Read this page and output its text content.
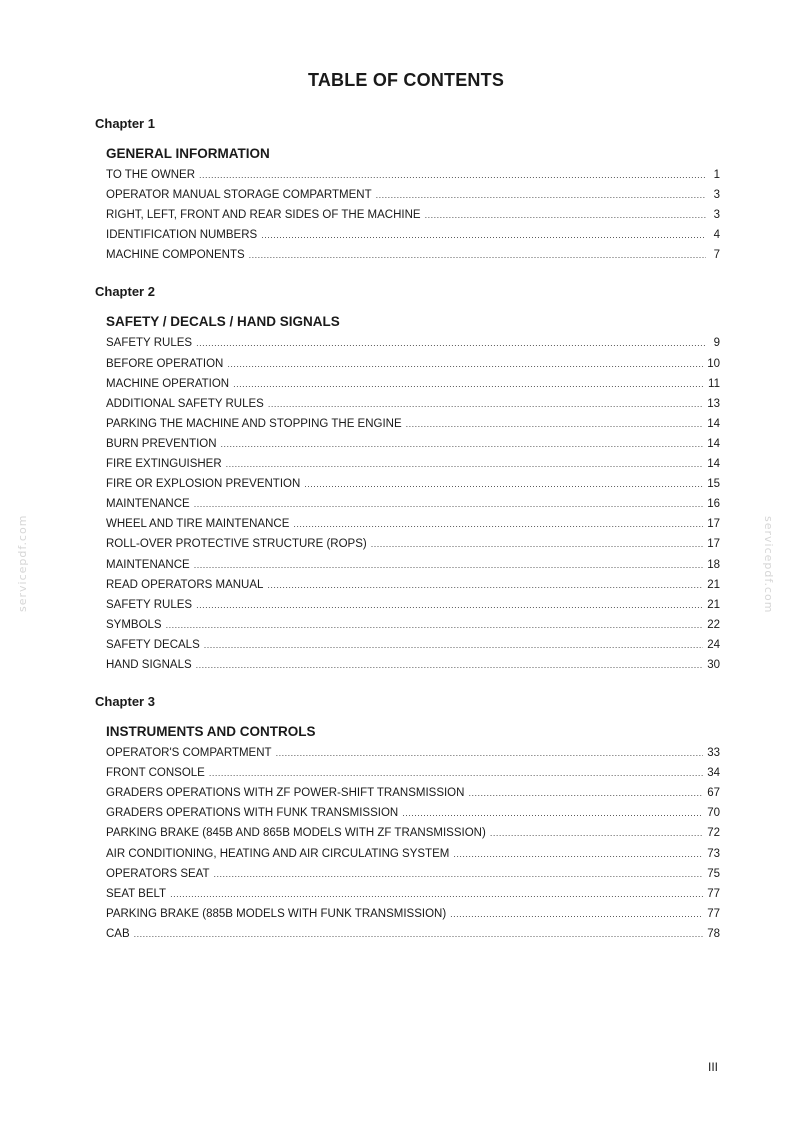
TABLE OF CONTENTS
Chapter 1
GENERAL INFORMATION
TO THE OWNER .....	1
OPERATOR MANUAL STORAGE COMPARTMENT .....	3
RIGHT, LEFT, FRONT AND REAR SIDES OF THE MACHINE .....	3
IDENTIFICATION NUMBERS .....	4
MACHINE COMPONENTS .....	7
Chapter 2
SAFETY / DECALS / HAND SIGNALS
SAFETY RULES .....	9
BEFORE OPERATION .....	10
MACHINE OPERATION .....	11
ADDITIONAL SAFETY RULES .....	13
PARKING THE MACHINE AND STOPPING THE ENGINE .....	14
BURN PREVENTION .....	14
FIRE EXTINGUISHER .....	14
FIRE OR EXPLOSION PREVENTION .....	15
MAINTENANCE .....	16
WHEEL AND TIRE MAINTENANCE .....	17
ROLL-OVER PROTECTIVE STRUCTURE (ROPS) .....	17
MAINTENANCE .....	18
READ OPERATORS MANUAL .....	21
SAFETY RULES .....	21
SYMBOLS .....	22
SAFETY DECALS .....	24
HAND SIGNALS .....	30
Chapter 3
INSTRUMENTS AND CONTROLS
OPERATOR'S COMPARTMENT .....	33
FRONT CONSOLE .....	34
GRADERS OPERATIONS WITH ZF POWER-SHIFT TRANSMISSION .....	67
GRADERS OPERATIONS WITH FUNK TRANSMISSION .....	70
PARKING BRAKE (845B AND 865B MODELS WITH ZF TRANSMISSION) .....	72
AIR CONDITIONING, HEATING AND AIR CIRCULATING SYSTEM .....	73
OPERATORS SEAT .....	75
SEAT BELT .....	77
PARKING BRAKE (885B MODELS WITH FUNK TRANSMISSION) .....	77
CAB .....	78
servicepdf.com	servicepdf.com
III
